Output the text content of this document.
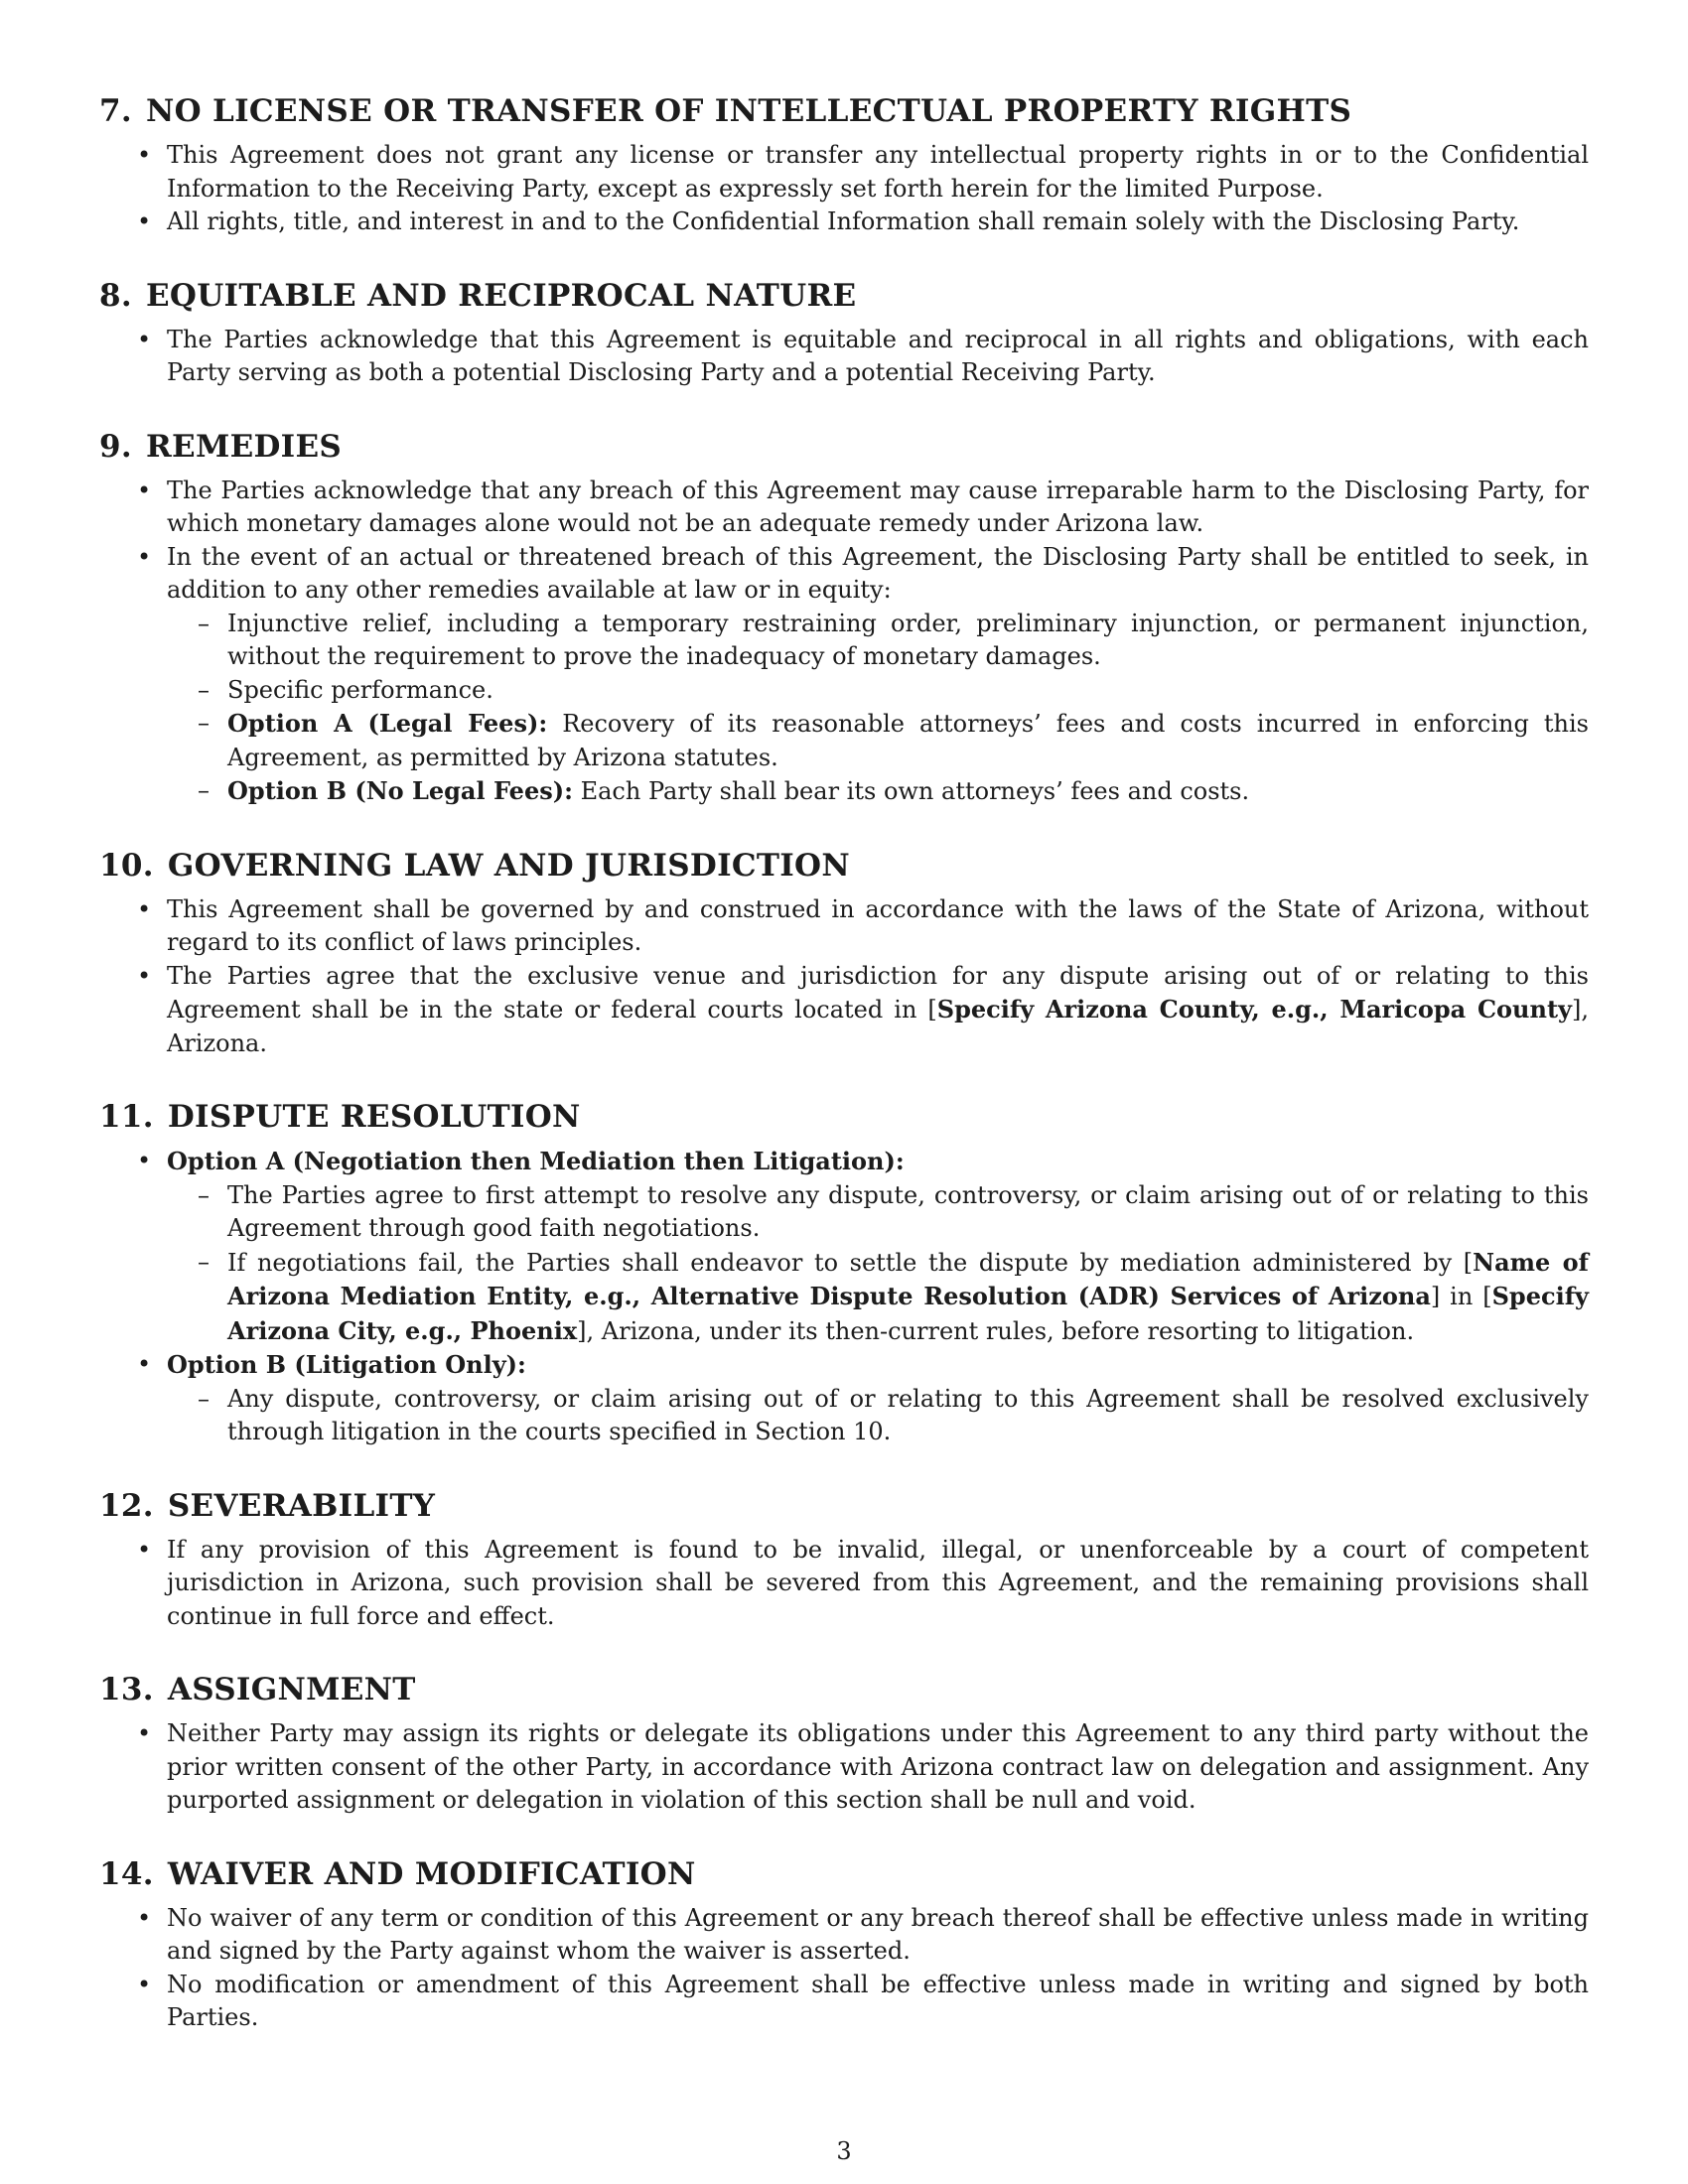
7. NO LICENSE OR TRANSFER OF INTELLECTUAL PROPERTY RIGHTS
• This Agreement does not grant any license or transfer any intellectual property rights in or to the Confidential Information to the Receiving Party, except as expressly set forth herein for the limited Purpose.
• All rights, title, and interest in and to the Confidential Information shall remain solely with the Disclosing Party.
8. EQUITABLE AND RECIPROCAL NATURE
• The Parties acknowledge that this Agreement is equitable and reciprocal in all rights and obligations, with each Party serving as both a potential Disclosing Party and a potential Receiving Party.
9. REMEDIES
• The Parties acknowledge that any breach of this Agreement may cause irreparable harm to the Disclosing Party, for which monetary damages alone would not be an adequate remedy under Arizona law.
• In the event of an actual or threatened breach of this Agreement, the Disclosing Party shall be entitled to seek, in addition to any other remedies available at law or in equity:
– Injunctive relief, including a temporary restraining order, preliminary injunction, or permanent injunction, without the requirement to prove the inadequacy of monetary damages.
– Specific performance.
– Option A (Legal Fees): Recovery of its reasonable attorneys’ fees and costs incurred in enforcing this Agreement, as permitted by Arizona statutes.
– Option B (No Legal Fees): Each Party shall bear its own attorneys’ fees and costs.
10. GOVERNING LAW AND JURISDICTION
• This Agreement shall be governed by and construed in accordance with the laws of the State of Arizona, without regard to its conflict of laws principles.
• The Parties agree that the exclusive venue and jurisdiction for any dispute arising out of or relating to this Agreement shall be in the state or federal courts located in [Specify Arizona County, e.g., Maricopa County], Arizona.
11. DISPUTE RESOLUTION
• Option A (Negotiation then Mediation then Litigation):
– The Parties agree to first attempt to resolve any dispute, controversy, or claim arising out of or relating to this Agreement through good faith negotiations.
– If negotiations fail, the Parties shall endeavor to settle the dispute by mediation administered by [Name of Arizona Mediation Entity, e.g., Alternative Dispute Resolution (ADR) Services of Arizona] in [Specify Arizona City, e.g., Phoenix], Arizona, under its then-current rules, before resorting to litigation.
• Option B (Litigation Only):
– Any dispute, controversy, or claim arising out of or relating to this Agreement shall be resolved exclusively through litigation in the courts specified in Section 10.
12. SEVERABILITY
• If any provision of this Agreement is found to be invalid, illegal, or unenforceable by a court of competent jurisdiction in Arizona, such provision shall be severed from this Agreement, and the remaining provisions shall continue in full force and effect.
13. ASSIGNMENT
• Neither Party may assign its rights or delegate its obligations under this Agreement to any third party without the prior written consent of the other Party, in accordance with Arizona contract law on delegation and assignment. Any purported assignment or delegation in violation of this section shall be null and void.
14. WAIVER AND MODIFICATION
• No waiver of any term or condition of this Agreement or any breach thereof shall be effective unless made in writing and signed by the Party against whom the waiver is asserted.
• No modification or amendment of this Agreement shall be effective unless made in writing and signed by both Parties.
3
